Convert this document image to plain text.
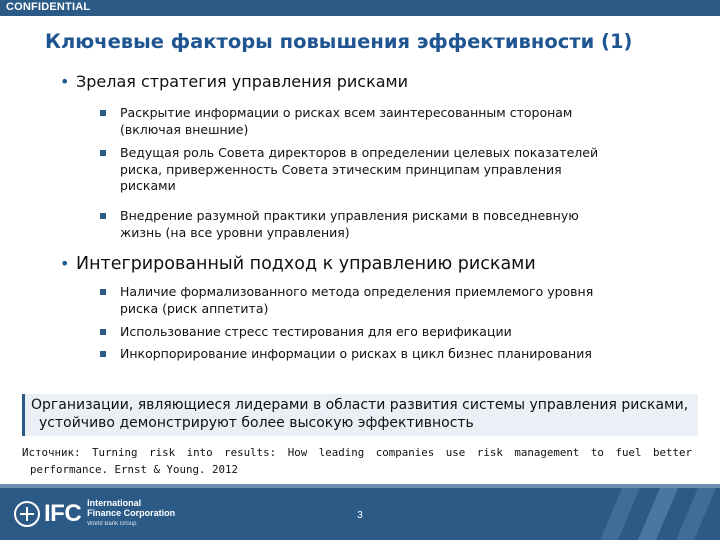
CONFIDENTIAL
Ключевые факторы повышения эффективности (1)
• Зрелая стратегия управления рисками
Раскрытие информации о рисках всем заинтересованным сторонам
(включая внешние)
Ведущая роль Совета директоров в определении целевых показателей
риска, приверженность Совета этическим принципам управления
рисками
Внедрение разумной практики управления рисками в повседневную
жизнь (на все уровни управления)
• Интегрированный подход к управлению рисками
Наличие формализованного метода определения приемлемого уровня
риска (риск аппетита)
Использование стресс тестирования для его верификации
Инкорпорирование информации о рисках в цикл бизнес планирования
Организации, являющиеся лидерами в области развития системы управления рисками,
устойчиво демонстрируют более высокую эффективность
Источник: Turning risk into results: How leading companies use risk management to fuel better
performance. Ernst & Young. 2012
IFC International
Finance Corporation
World Bank Group
3
